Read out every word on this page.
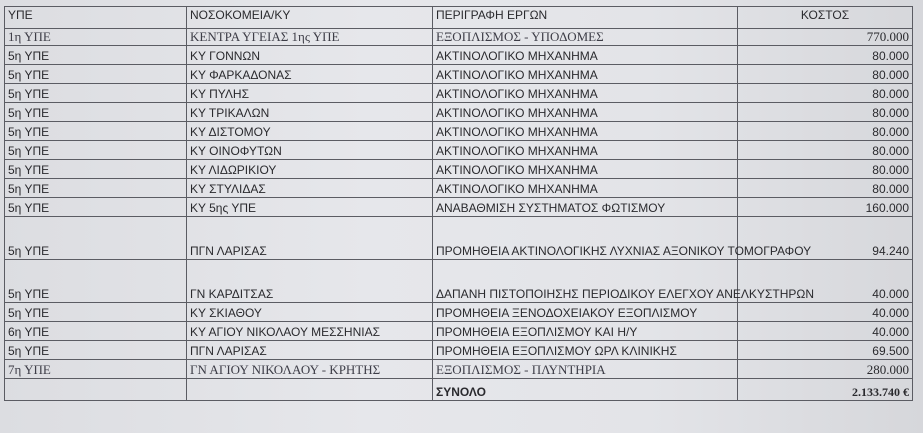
ΥΠΕ	ΝΟΣΟΚΟΜΕΙΑ/ΚΥ	ΠΕΡΙΓΡΑΦΗ ΕΡΓΩΝ	ΚΟΣΤΟΣ
1η ΥΠΕ	ΚΕΝΤΡΑ ΥΓΕΙΑΣ 1ης ΥΠΕ	ΕΞΟΠΛΙΣΜΟΣ - ΥΠΟΔΟΜΕΣ	770.000
5η ΥΠΕ	ΚΥ ΓΟΝΝΩΝ	ΑΚΤΙΝΟΛΟΓΙΚΟ ΜΗΧΑΝΗΜΑ	80.000
5η ΥΠΕ	ΚΥ ΦΑΡΚΑΔΟΝΑΣ	ΑΚΤΙΝΟΛΟΓΙΚΟ ΜΗΧΑΝΗΜΑ	80.000
5η ΥΠΕ	ΚΥ ΠΥΛΗΣ	ΑΚΤΙΝΟΛΟΓΙΚΟ ΜΗΧΑΝΗΜΑ	80.000
5η ΥΠΕ	ΚΥ ΤΡΙΚΑΛΩΝ	ΑΚΤΙΝΟΛΟΓΙΚΟ ΜΗΧΑΝΗΜΑ	80.000
5η ΥΠΕ	ΚΥ ΔΙΣΤΟΜΟΥ	ΑΚΤΙΝΟΛΟΓΙΚΟ ΜΗΧΑΝΗΜΑ	80.000
5η ΥΠΕ	ΚΥ ΟΙΝΟΦΥΤΩΝ	ΑΚΤΙΝΟΛΟΓΙΚΟ ΜΗΧΑΝΗΜΑ	80.000
5η ΥΠΕ	ΚΥ ΛΙΔΩΡΙΚΙΟΥ	ΑΚΤΙΝΟΛΟΓΙΚΟ ΜΗΧΑΝΗΜΑ	80.000
5η ΥΠΕ	ΚΥ ΣΤΥΛΙΔΑΣ	ΑΚΤΙΝΟΛΟΓΙΚΟ ΜΗΧΑΝΗΜΑ	80.000
5η ΥΠΕ	ΚΥ 5ης ΥΠΕ	ΑΝΑΒΑΘΜΙΣΗ ΣΥΣΤΗΜΑΤΟΣ ΦΩΤΙΣΜΟΥ	160.000
5η ΥΠΕ	ΠΓΝ ΛΑΡΙΣΑΣ	ΠΡΟΜΗΘΕΙΑ ΑΚΤΙΝΟΛΟΓΙΚΗΣ ΛΥΧΝΙΑΣ ΑΞΟΝΙΚΟΥ ΤΟΜΟΓΡΑΦΟΥ	94.240
5η ΥΠΕ	ΓΝ ΚΑΡΔΙΤΣΑΣ	ΔΑΠΑΝΗ ΠΙΣΤΟΠΟΙΗΣΗΣ ΠΕΡΙΟΔΙΚΟΥ ΕΛΕΓΧΟΥ ΑΝΕΛΚΥΣΤΗΡΩΝ	40.000
5η ΥΠΕ	ΚΥ ΣΚΙΑΘΟΥ	ΠΡΟΜΗΘΕΙΑ ΞΕΝΟΔΟΧΕΙΑΚΟΥ ΕΞΟΠΛΙΣΜΟΥ	40.000
6η ΥΠΕ	ΚΥ ΑΓΙΟΥ ΝΙΚΟΛΑΟΥ ΜΕΣΣΗΝΙΑΣ	ΠΡΟΜΗΘΕΙΑ ΕΞΟΠΛΙΣΜΟΥ ΚΑΙ Η/Υ	40.000
5η ΥΠΕ	ΠΓΝ ΛΑΡΙΣΑΣ	ΠΡΟΜΗΘΕΙΑ ΕΞΟΠΛΙΣΜΟΥ ΩΡΛ ΚΛΙΝΙΚΗΣ	69.500
7η ΥΠΕ	ΓΝ ΑΓΙΟΥ ΝΙΚΟΛΑΟΥ - ΚΡΗΤΗΣ	ΕΞΟΠΛΙΣΜΟΣ - ΠΛΥΝΤΗΡΙΑ	280.000
		ΣΥΝΟΛΟ	2.133.740 €
